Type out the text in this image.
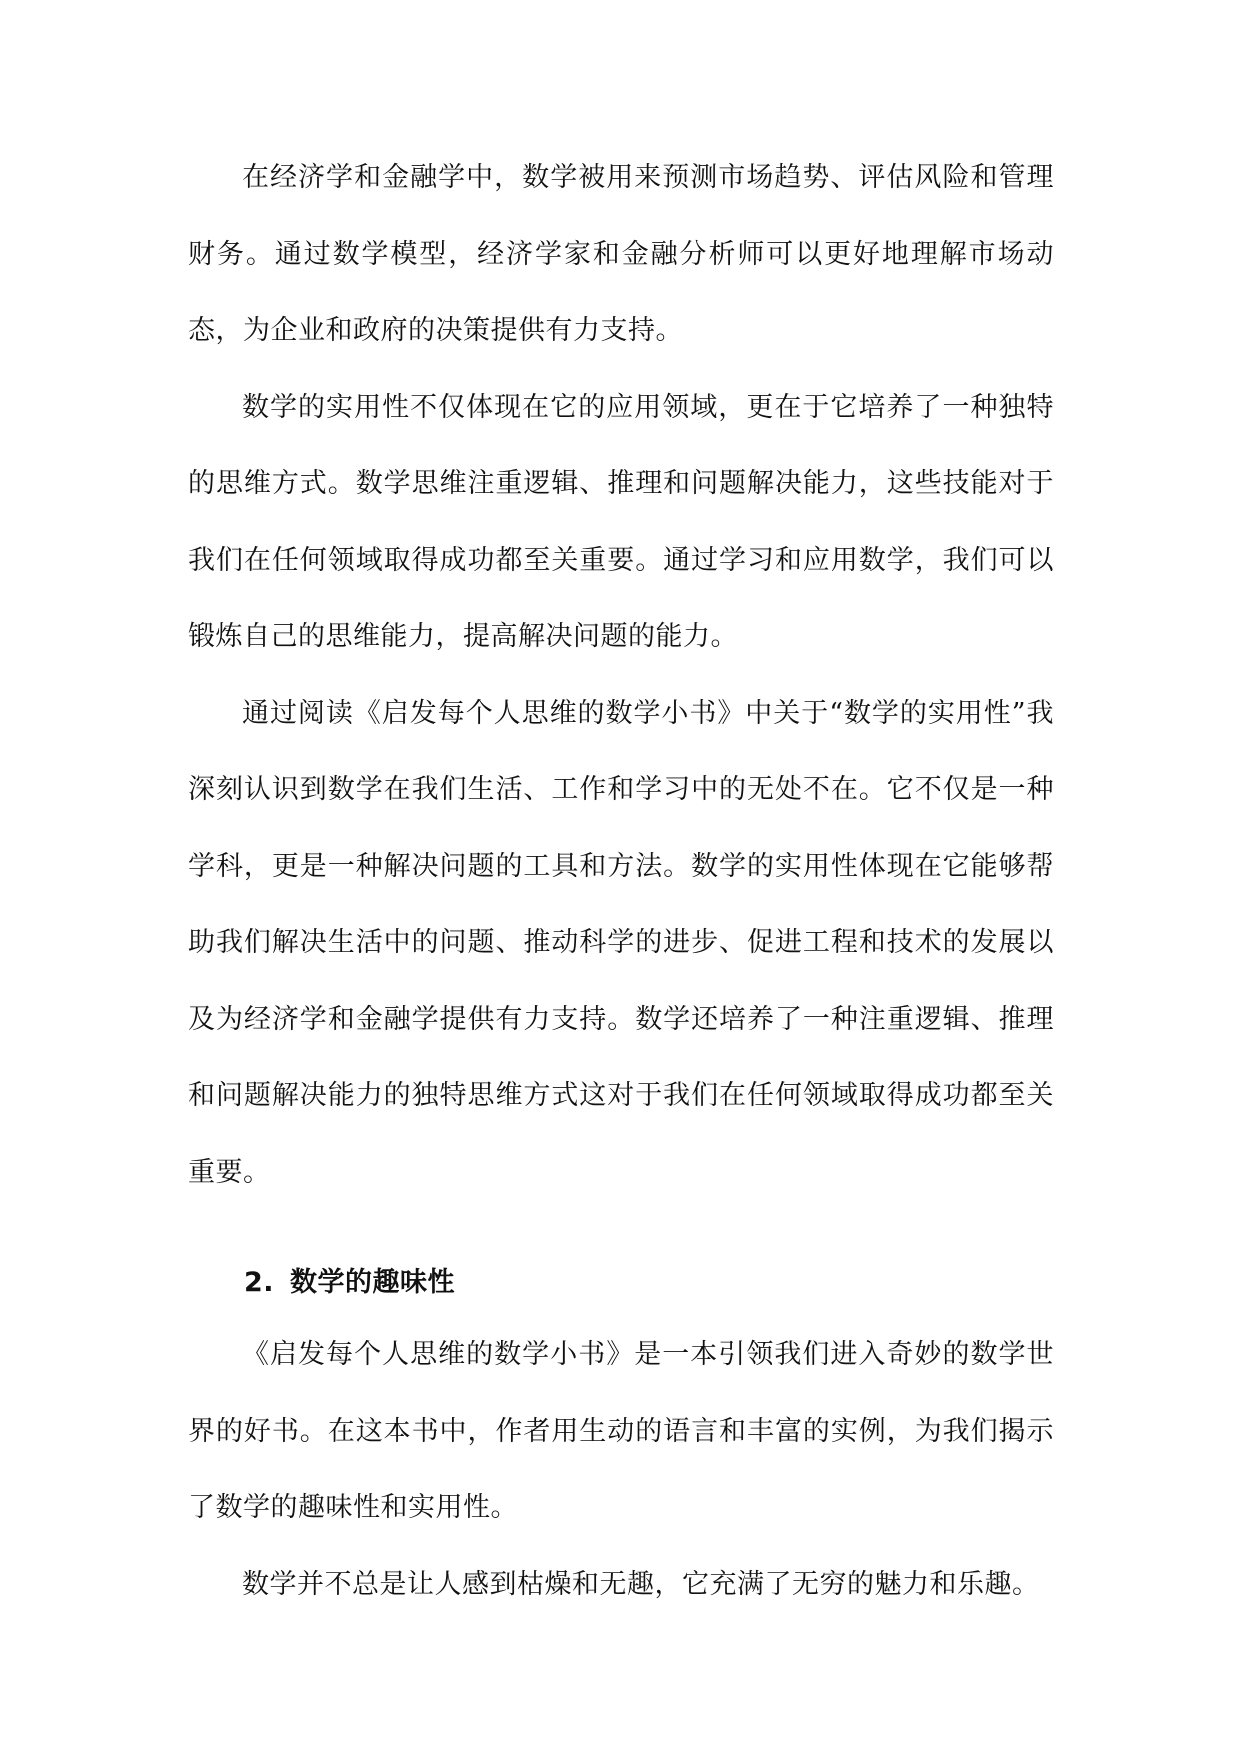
在经济学和金融学中，数学被用来预测市场趋势、评估风险和管理财务。通过数学模型，经济学家和金融分析师可以更好地理解市场动态，为企业和政府的决策提供有力支持。

数学的实用性不仅体现在它的应用领域，更在于它培养了一种独特的思维方式。数学思维注重逻辑、推理和问题解决能力，这些技能对于我们在任何领域取得成功都至关重要。通过学习和应用数学，我们可以锻炼自己的思维能力，提高解决问题的能力。

通过阅读《启发每个人思维的数学小书》中关于“数学的实用性”我深刻认识到数学在我们生活、工作和学习中的无处不在。它不仅是一种学科，更是一种解决问题的工具和方法。数学的实用性体现在它能够帮助我们解决生活中的问题、推动科学的进步、促进工程和技术的发展以及为经济学和金融学提供有力支持。数学还培养了一种注重逻辑、推理和问题解决能力的独特思维方式这对于我们在任何领域取得成功都至关重要。

2. 数学的趣味性

《启发每个人思维的数学小书》是一本引领我们进入奇妙的数学世界的好书。在这本书中，作者用生动的语言和丰富的实例，为我们揭示了数学的趣味性和实用性。

数学并不总是让人感到枯燥和无趣，它充满了无穷的魅力和乐趣。
